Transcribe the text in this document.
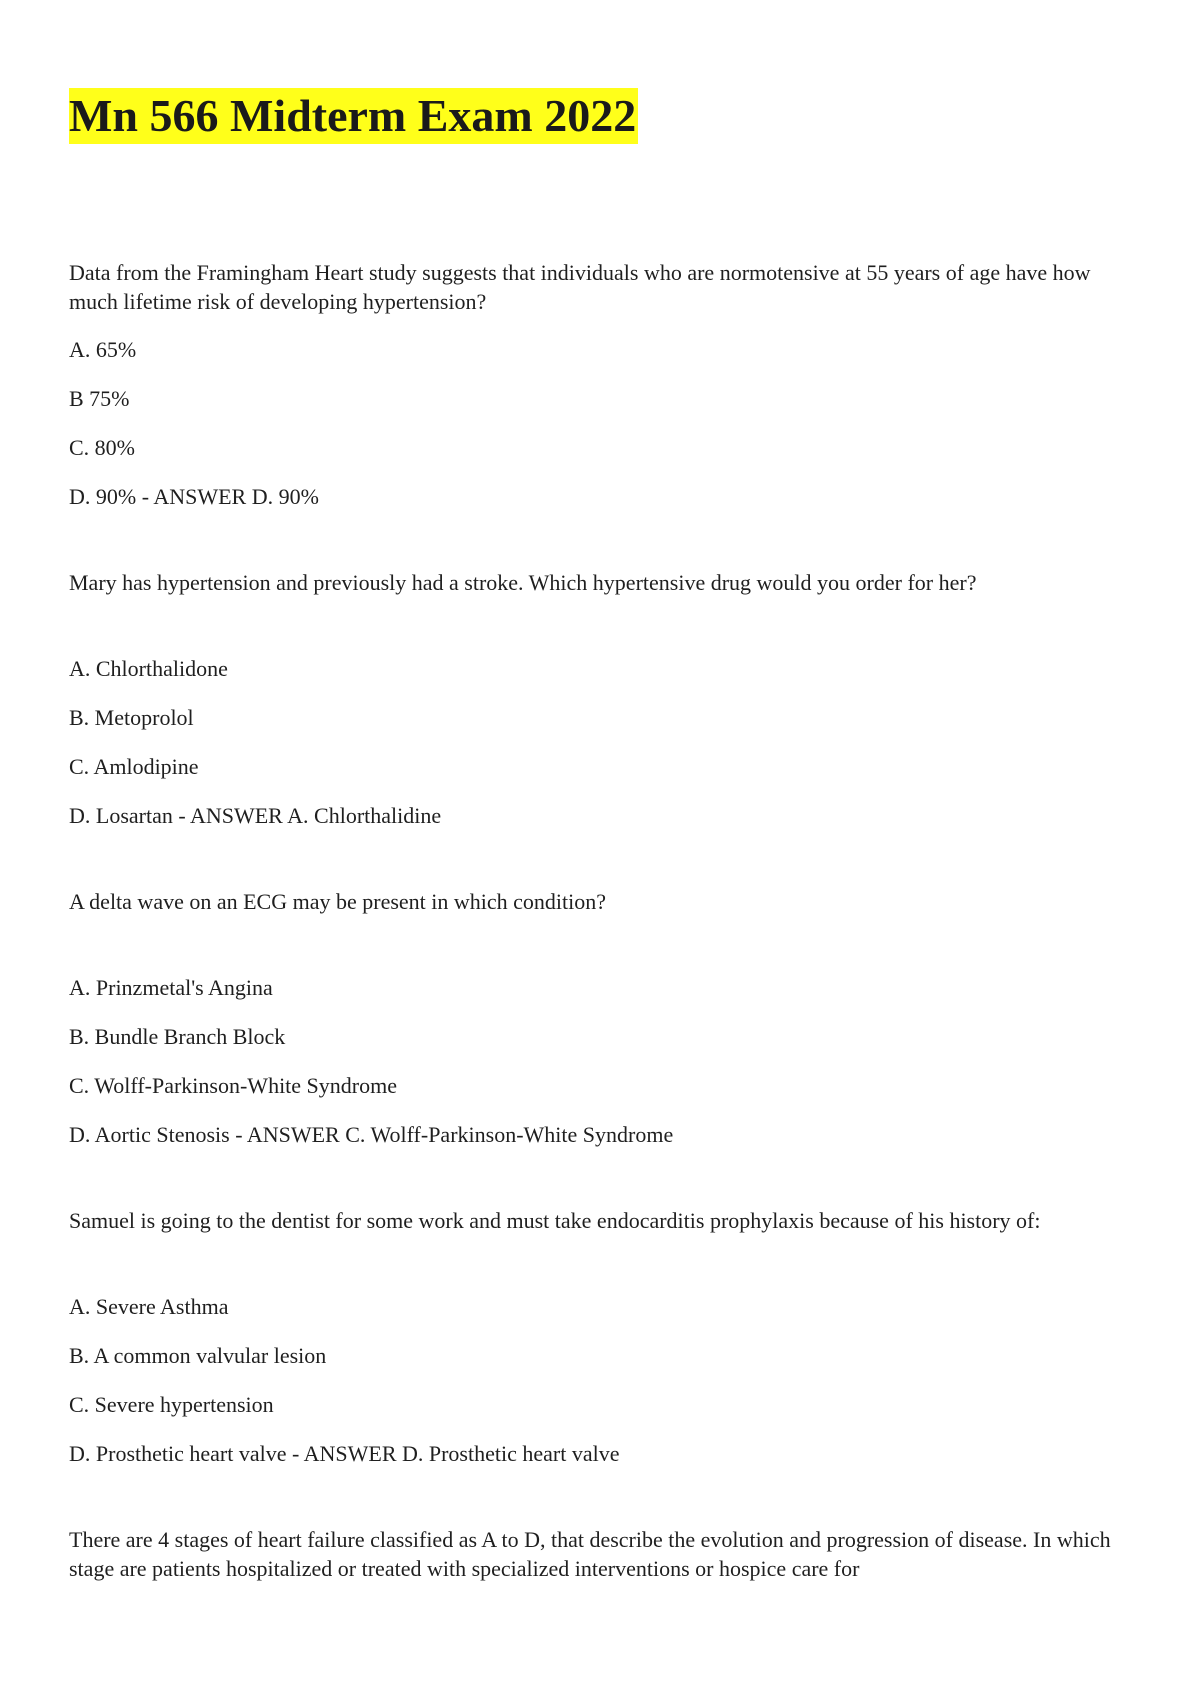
Mn 566 Midterm Exam 2022

Data from the Framingham Heart study suggests that individuals who are normotensive at 55 years of age have how much lifetime risk of developing hypertension?

A. 65%

B 75%

C. 80%

D. 90% - ANSWER D. 90%

Mary has hypertension and previously had a stroke. Which hypertensive drug would you order for her?

A. Chlorthalidone

B. Metoprolol

C. Amlodipine

D. Losartan - ANSWER A. Chlorthalidine

A delta wave on an ECG may be present in which condition?

A. Prinzmetal's Angina

B. Bundle Branch Block

C. Wolff-Parkinson-White Syndrome

D. Aortic Stenosis - ANSWER C. Wolff-Parkinson-White Syndrome

Samuel is going to the dentist for some work and must take endocarditis prophylaxis because of his history of:

A. Severe Asthma

B. A common valvular lesion

C. Severe hypertension

D. Prosthetic heart valve - ANSWER D. Prosthetic heart valve

There are 4 stages of heart failure classified as A to D, that describe the evolution and progression of disease. In which stage are patients hospitalized or treated with specialized interventions or hospice care for
